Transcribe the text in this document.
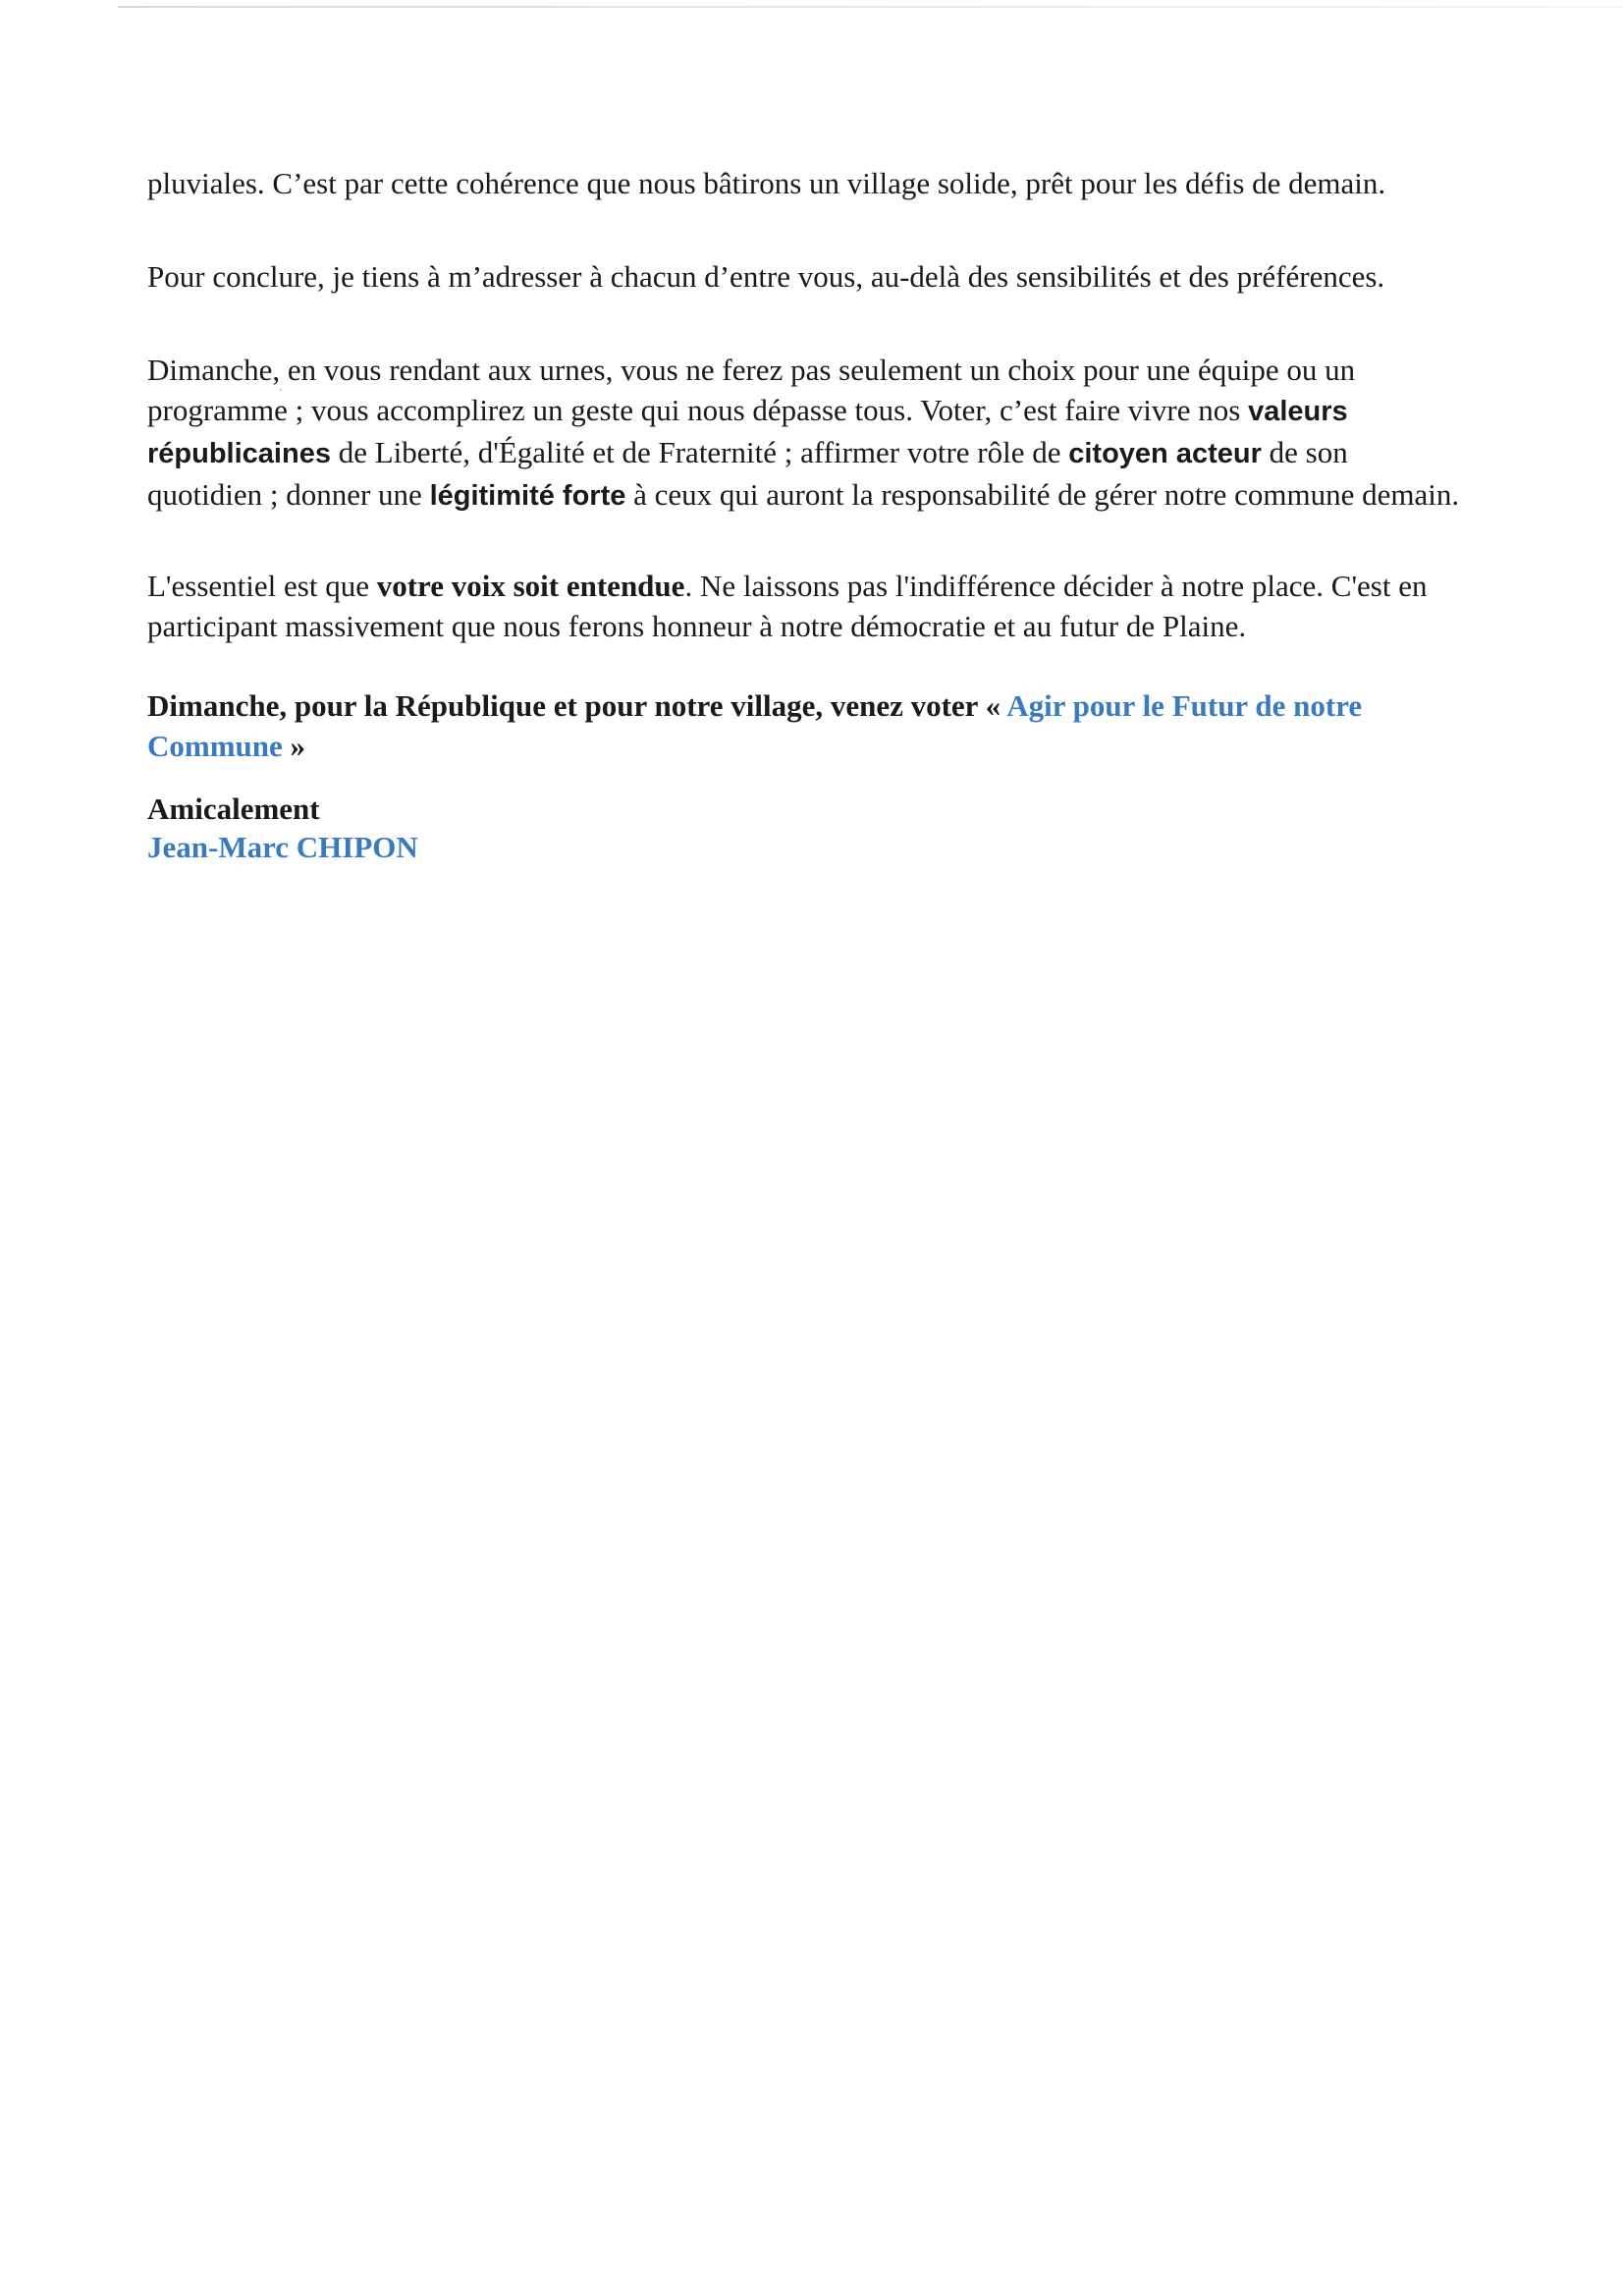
pluviales. C’est par cette cohérence que nous bâtirons un village solide, prêt pour les défis de demain.

Pour conclure, je tiens à m’adresser à chacun d’entre vous, au-delà des sensibilités et des préférences.

Dimanche, en vous rendant aux urnes, vous ne ferez pas seulement un choix pour une équipe ou un programme ; vous accomplirez un geste qui nous dépasse tous. Voter, c’est faire vivre nos valeurs républicaines de Liberté, d'Égalité et de Fraternité ; affirmer votre rôle de citoyen acteur de son quotidien ; donner une légitimité forte à ceux qui auront la responsabilité de gérer notre commune demain.

L'essentiel est que votre voix soit entendue. Ne laissons pas l'indifférence décider à notre place. C'est en participant massivement que nous ferons honneur à notre démocratie et au futur de Plaine.

Dimanche, pour la République et pour notre village, venez voter « Agir pour le Futur de notre Commune »

Amicalement

Jean-Marc CHIPON
